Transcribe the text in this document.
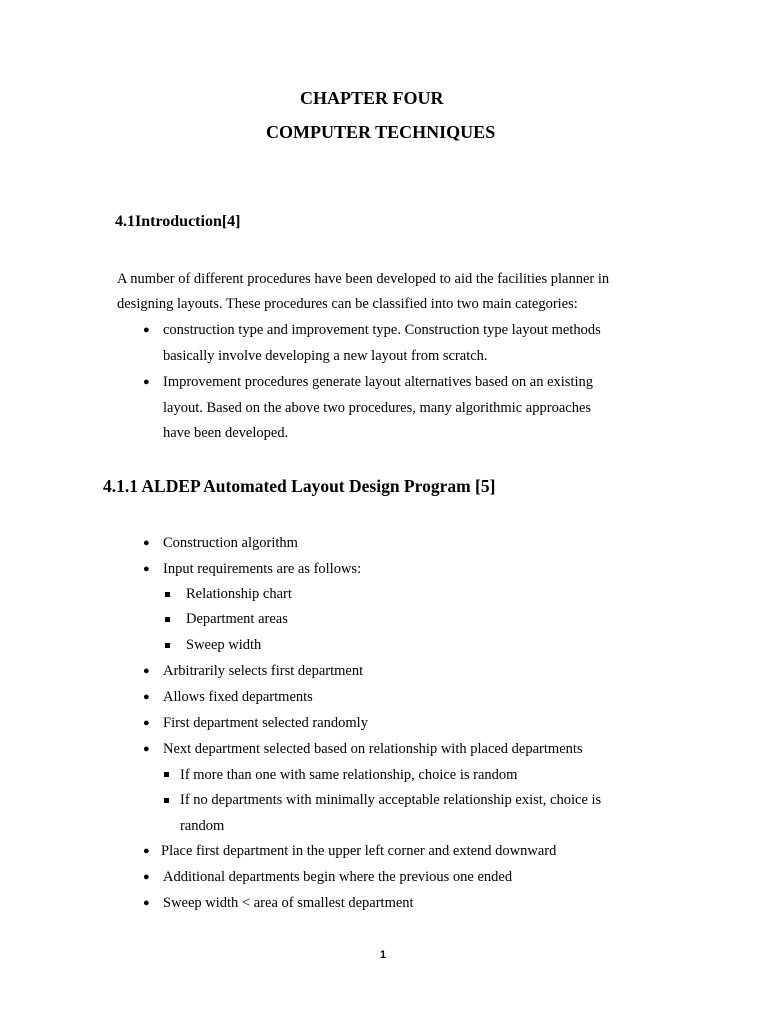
CHAPTER FOUR
COMPUTER TECHNIQUES
4.1Introduction[4]
A number of different procedures have been developed to aid the facilities planner in
designing layouts. These procedures can be classified into two main categories:
● construction type and improvement type. Construction type layout methods
basically involve developing a new layout from scratch.
● Improvement procedures generate layout alternatives based on an existing
layout. Based on the above two procedures, many algorithmic approaches
have been developed.
4.1.1 ALDEP Automated Layout Design Program [5]
● Construction algorithm
● Input requirements are as follows:
Relationship chart
Department areas
Sweep width
● Arbitrarily selects first department
● Allows fixed departments
● First department selected randomly
● Next department selected based on relationship with placed departments
If more than one with same relationship, choice is random
If no departments with minimally acceptable relationship exist, choice is
random
● Place first department in the upper left corner and extend downward
● Additional departments begin where the previous one ended
● Sweep width < area of smallest department
1
